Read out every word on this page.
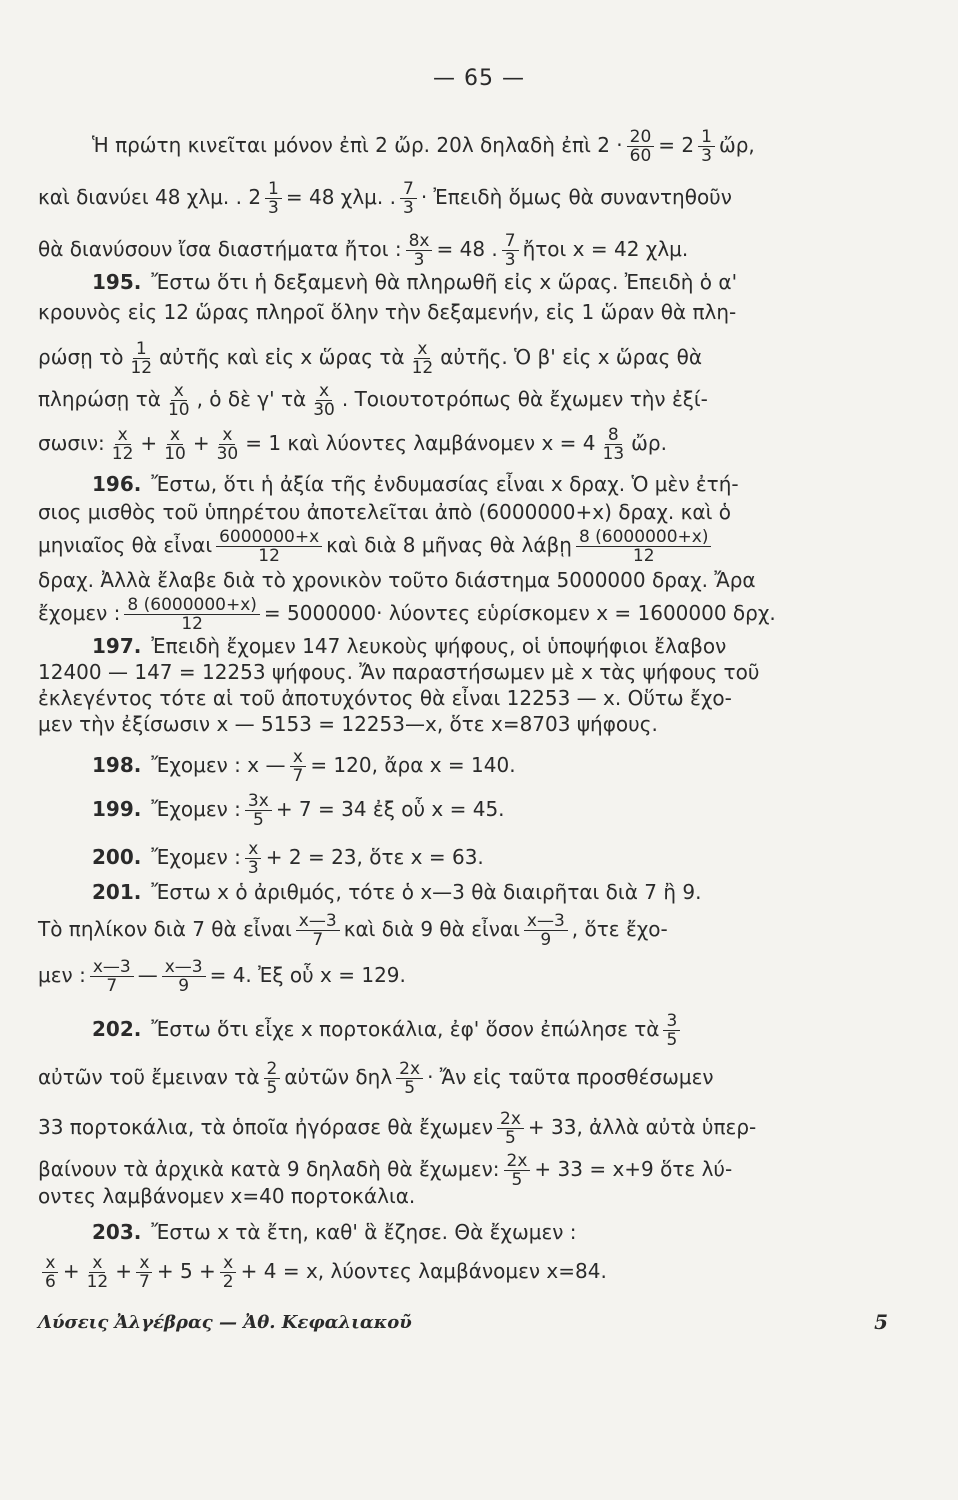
— 65 —
Ἡ πρώτη κινεῖται μόνον ἐπὶ 2 ὤρ. 20λ δηλαδὴ ἐπὶ $2 \cdot \frac{20}{60} = 2 \frac{1}{3}$ ὤρ,
καὶ διανύει 48 χλμ. . $2 \frac{1}{3} = 48$ χλμ. . $\frac{7}{3}$ · Ἐπειδὴ ὅμως θὰ συναντηθοῦν
θὰ διανύσουν ἴσα διαστήματα ἤτοι : $\frac{8x}{3} = 48$ . $\frac{7}{3}$ ἤτοι x = 42 χλμ.
195. Ἔστω ὅτι ἡ δεξαμενὴ θὰ πληρωθῆ εἰς x ὥρας. Ἐπειδὴ ὁ α'
κρουνὸς εἰς 12 ὥρας πληροῖ ὅλην τὴν δεξαμενήν, εἰς 1 ὥραν θὰ πλη-
ρώσῃ τὸ $\frac{1}{12}$ αὐτῆς καὶ εἰς x ὥρας τὰ $\frac{x}{12}$ αὐτῆς. Ὁ β' εἰς x ὥρας θὰ
πληρώσῃ τὰ $\frac{x}{10}$ , ὁ δὲ γ' τὰ $\frac{x}{30}$ . Τοιουτοτρόπως θὰ ἔχωμεν τὴν ἐξί-
σωσιν: $\frac{x}{12} + \frac{x}{10} + \frac{x}{30} = 1$ καὶ λύοντες λαμβάνομεν $x = 4 \frac{8}{13}$ ὤρ.
196. Ἔστω, ὅτι ἡ ἀξία τῆς ἐνδυμασίας εἶναι x δραχ. Ὁ μὲν ἐτή-
σιος μισθὸς τοῦ ὑπηρέτου ἀποτελεῖται ἀπὸ (6000000+x) δραχ. καὶ ὁ
μηνιαῖος θὰ εἶναι $\frac{6000000+x}{12}$ καὶ διὰ 8 μῆνας θὰ λάβῃ $\frac{8 (6000000+x)}{12}$
δραχ. Ἀλλὰ ἔλαβε διὰ τὸ χρονικὸν τοῦτο διάστημα 5000000 δραχ. Ἄρα
ἔχομεν : $\frac{8 (6000000+x)}{12} = 5000000\cdot \lambda ύo\nu\tau\varepsilon\varsigma$ εὑρίσκομεν x = 1600000 δρχ.
197. Ἐπειδὴ ἔχομεν 147 λευκοὺς ψήφους, οἱ ὑποψήφιοι ἔλαβον
12400 — 147 = 12253 ψήφους. Ἄν παραστήσωμεν μὲ x τὰς ψήφους τοῦ
ἐκλεγέντος τότε αἱ τοῦ ἀποτυχόντος θὰ εἶναι 12253 — x. Οὕτω ἔχο-
μεν τὴν ἐξίσωσιν x — 5153 = 12253—x, ὅτε x=8703 ψήφους.
198. Ἔχομεν : x — $\frac{x}{7} = 120$, ἄρα x = 140.
199. Ἔχομεν : $\frac{3x}{5} + 7 = 34$ ἐξ οὗ x = 45.
200. Ἔχομεν : $\frac{x}{3} + 2 = 23$, ὅτε x = 63.
201. Ἔστω x ὁ ἀριθμός, τότε ὁ x—3 θὰ διαιρῆται διὰ 7 ἢ 9.
Τὸ πηλίκον διὰ 7 θὰ εἶναι $\frac{x—3}{7}$ καὶ διὰ 9 θὰ εἶναι $\frac{x—3}{9}$ , ὅτε ἔχο-
μεν : $\frac{x—3}{7}$ — $\frac{x—3}{9} = 4$. Ἐξ οὗ x = 129.
202. Ἔστω ὅτι εἶχε x πορτοκάλια, ἐφ' ὅσον ἐπώλησε τὰ $\frac{3}{5}$
αὐτῶν τοῦ ἔμειναν τὰ $\frac{2}{5}$ αὐτῶν δηλ $\frac{2x}{5}$ · Ἄν εἰς ταῦτα προσθέσωμεν
33 πορτοκάλια, τὰ ὁποῖα ἠγόρασε θὰ ἔχωμεν $\frac{2x}{5} + 33$, ἀλλὰ αὐτὰ ὑπερ-
βαίνουν τὰ ἀρχικὰ κατὰ 9 δηλαδὴ θὰ ἔχωμεν: $\frac{2x}{5} + 33 = x+9$ ὅτε λύ-
οντες λαμβάνομεν x=40 πορτοκάλια.
203. Ἔστω x τὰ ἔτη, καθ' ἃ ἔζησε. Θὰ ἔχωμεν :
$\frac{x}{6} + \frac{x}{12} + \frac{x}{7} + 5 + \frac{x}{2} + 4 = x$, λύοντες λαμβάνομεν x=84.
Λύσεις Ἀλγέβρας — Ἀθ. Κεφαλιακοῦ	5
